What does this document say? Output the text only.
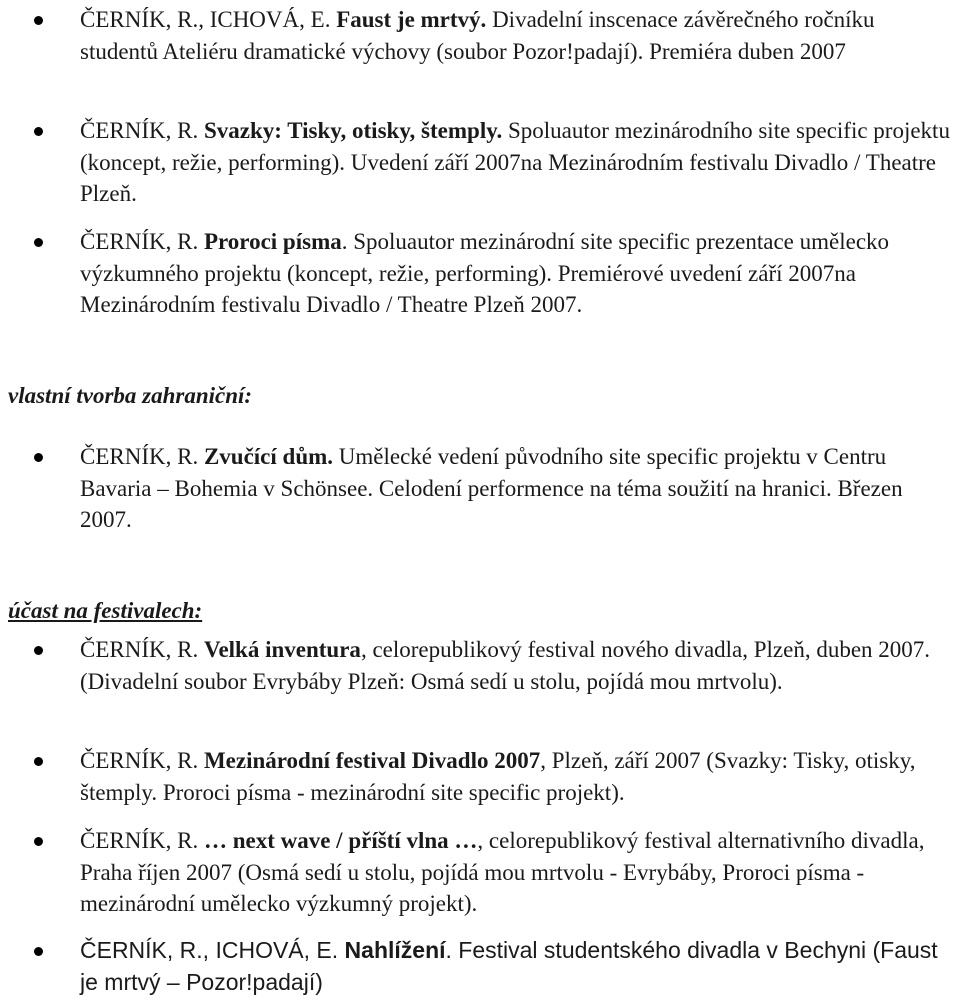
ČERNÍK, R., ICHOVÁ, E. Faust je mrtvý. Divadelní inscenace závěrečného ročníku studentů Ateliéru dramatické výchovy (soubor Pozor!padají). Premiéra duben 2007
ČERNÍK, R. Svazky: Tisky, otisky, štemply. Spoluautor mezinárodního site specific projektu (koncept, režie, performing). Uvedení září 2007na Mezinárodním festivalu Divadlo / Theatre Plzeň.
ČERNÍK, R. Proroci písma. Spoluautor mezinárodní site specific prezentace umělecko výzkumného projektu (koncept, režie, performing). Premiérové uvedení září 2007na Mezinárodním festivalu Divadlo / Theatre Plzeň 2007.
vlastní tvorba zahraniční:
ČERNÍK, R. Zvučící dům. Umělecké vedení původního site specific projektu v Centru Bavaria – Bohemia v Schönsee. Celodení performence na téma soužití na hranici. Březen 2007.
účast na festivalech:
ČERNÍK, R. Velká inventura, celorepublikový festival nového divadla, Plzeň, duben 2007. (Divadelní soubor Evrybáby Plzeň: Osmá sedí u stolu, pojídá mou mrtvolu).
ČERNÍK, R. Mezinárodní festival Divadlo 2007, Plzeň, září 2007 (Svazky: Tisky, otisky, štemply. Proroci písma - mezinárodní site specific projekt).
ČERNÍK, R. … next wave / příští vlna …, celorepublikový festival alternativního divadla, Praha říjen 2007 (Osmá sedí u stolu, pojídá mou mrtvolu - Evrybáby, Proroci písma - mezinárodní umělecko výzkumný projekt).
ČERNÍK, R., ICHOVÁ, E. Nahlížení. Festival studentského divadla v Bechyni (Faust je mrtvý – Pozor!padají)
